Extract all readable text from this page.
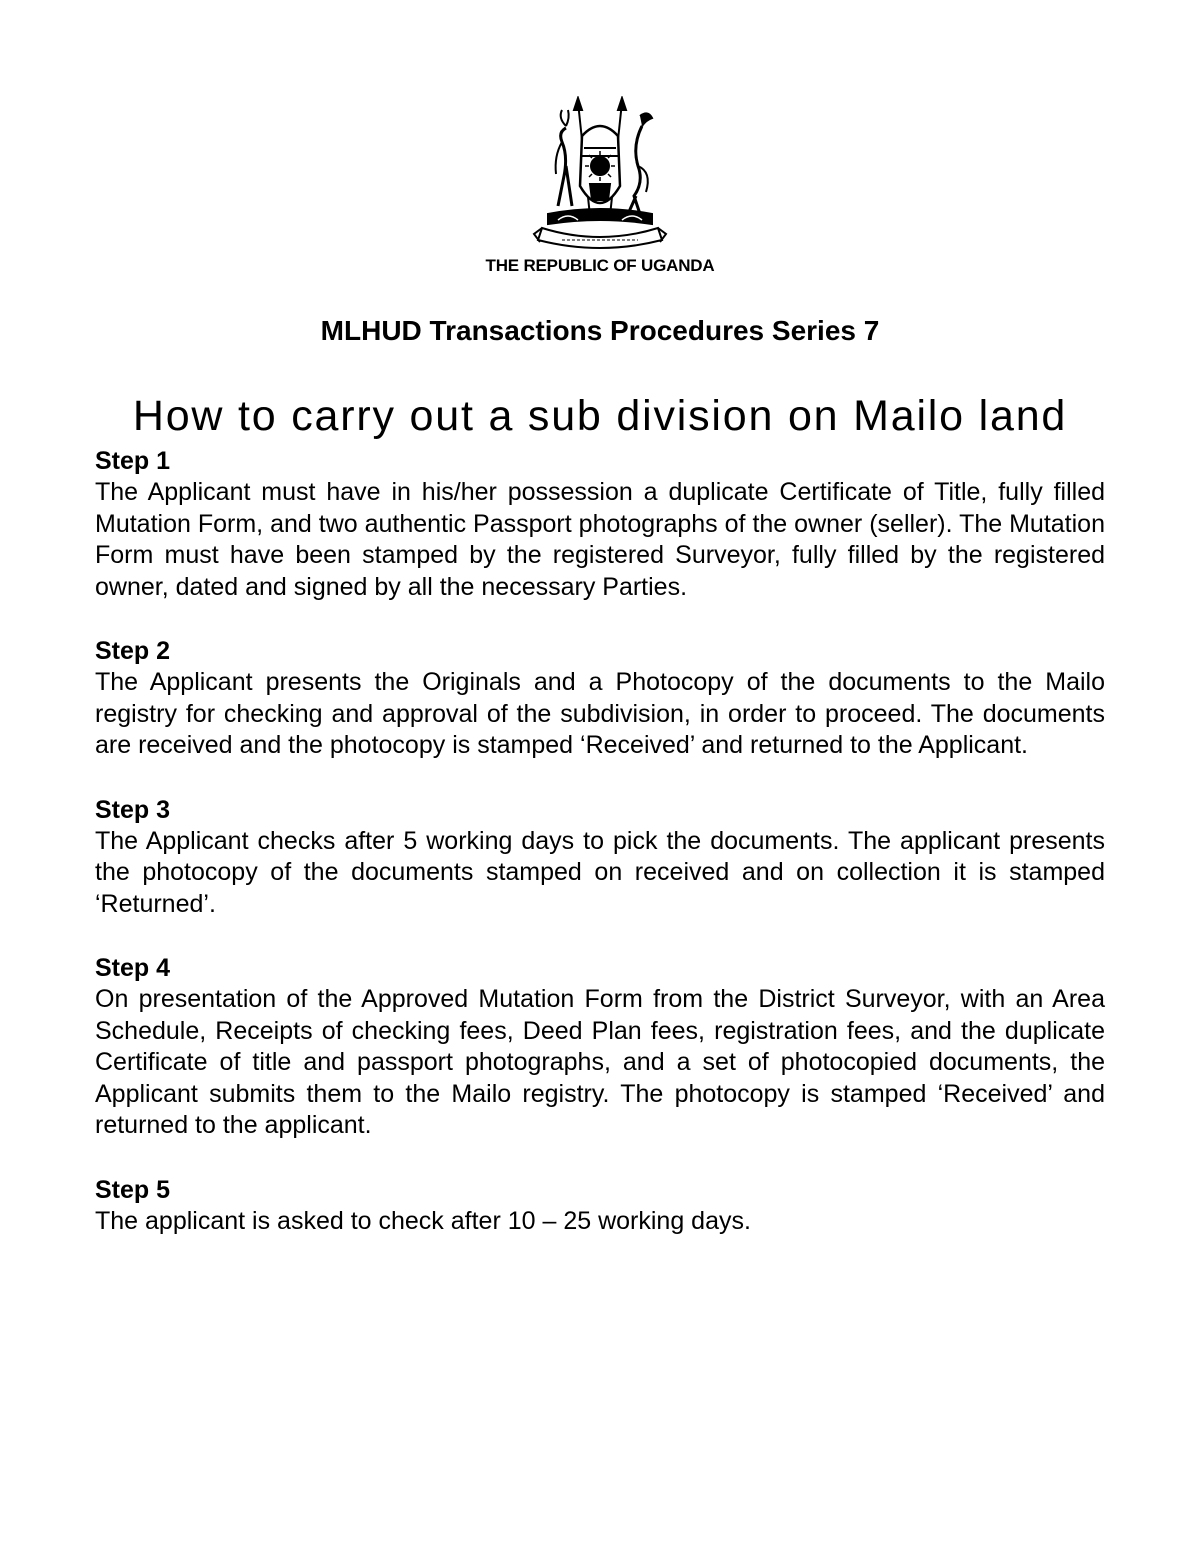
THE REPUBLIC OF UGANDA
MLHUD Transactions Procedures Series 7
How to carry out a sub division on Mailo land
Step 1
The Applicant must have in his/her possession a duplicate Certificate of Title, fully filled Mutation Form, and two authentic Passport photographs of the owner (seller). The Mutation Form must have been stamped by the registered Surveyor, fully filled by the registered owner, dated and signed by all the necessary Parties.
Step 2
The Applicant presents the Originals and a Photocopy of the documents to the Mailo registry for checking and approval of the subdivision, in order to proceed. The documents are received and the photocopy is stamped ‘Received’ and returned to the Applicant.
Step 3
The Applicant checks after 5 working days to pick the documents. The applicant presents the photocopy of the documents stamped on received and on collection it is stamped ‘Returned’.
Step 4
On presentation of the Approved Mutation Form from the District Surveyor, with an Area Schedule, Receipts of checking fees, Deed Plan fees, registration fees, and the duplicate Certificate of title and passport photographs, and a set of photocopied documents, the Applicant submits them to the Mailo registry. The photocopy is stamped ‘Received’ and returned to the applicant.
Step 5
The applicant is asked to check after 10 – 25 working days.
